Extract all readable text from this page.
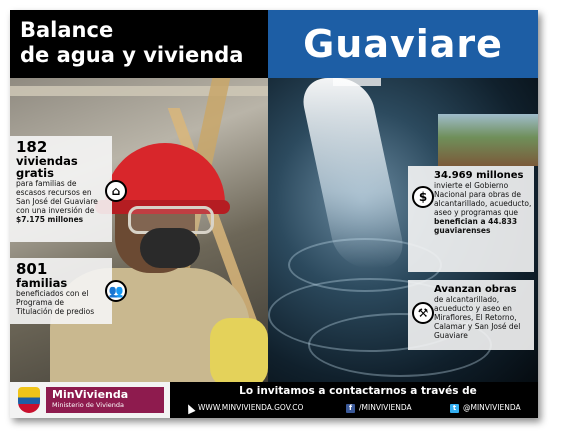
Balance
de agua y vivienda	Guaviare
182
viviendas
gratis
para familias de escasos recursos en San José del Guaviare con una inversión de $7.175 millones
⌂
801
familias
beneficiados con el Programa de Titulación de predios
👥
34.969 millones
invierte el Gobierno Nacional para obras de alcantarillado, acueducto, aseo y programas que benefician a 44.833 guaviarenses
$
Avanzan obras
de alcantarillado, acueducto y aseo en Miraflores, El Retorno, Calamar y San José del Guaviare
⚒
MinVivienda
Ministerio de Vivienda
Lo invitamos a contactarnos a través de
WWW.MINVIVIENDA.GOV.CO	f /MINVIVIENDA	t @MINVIVIENDA
